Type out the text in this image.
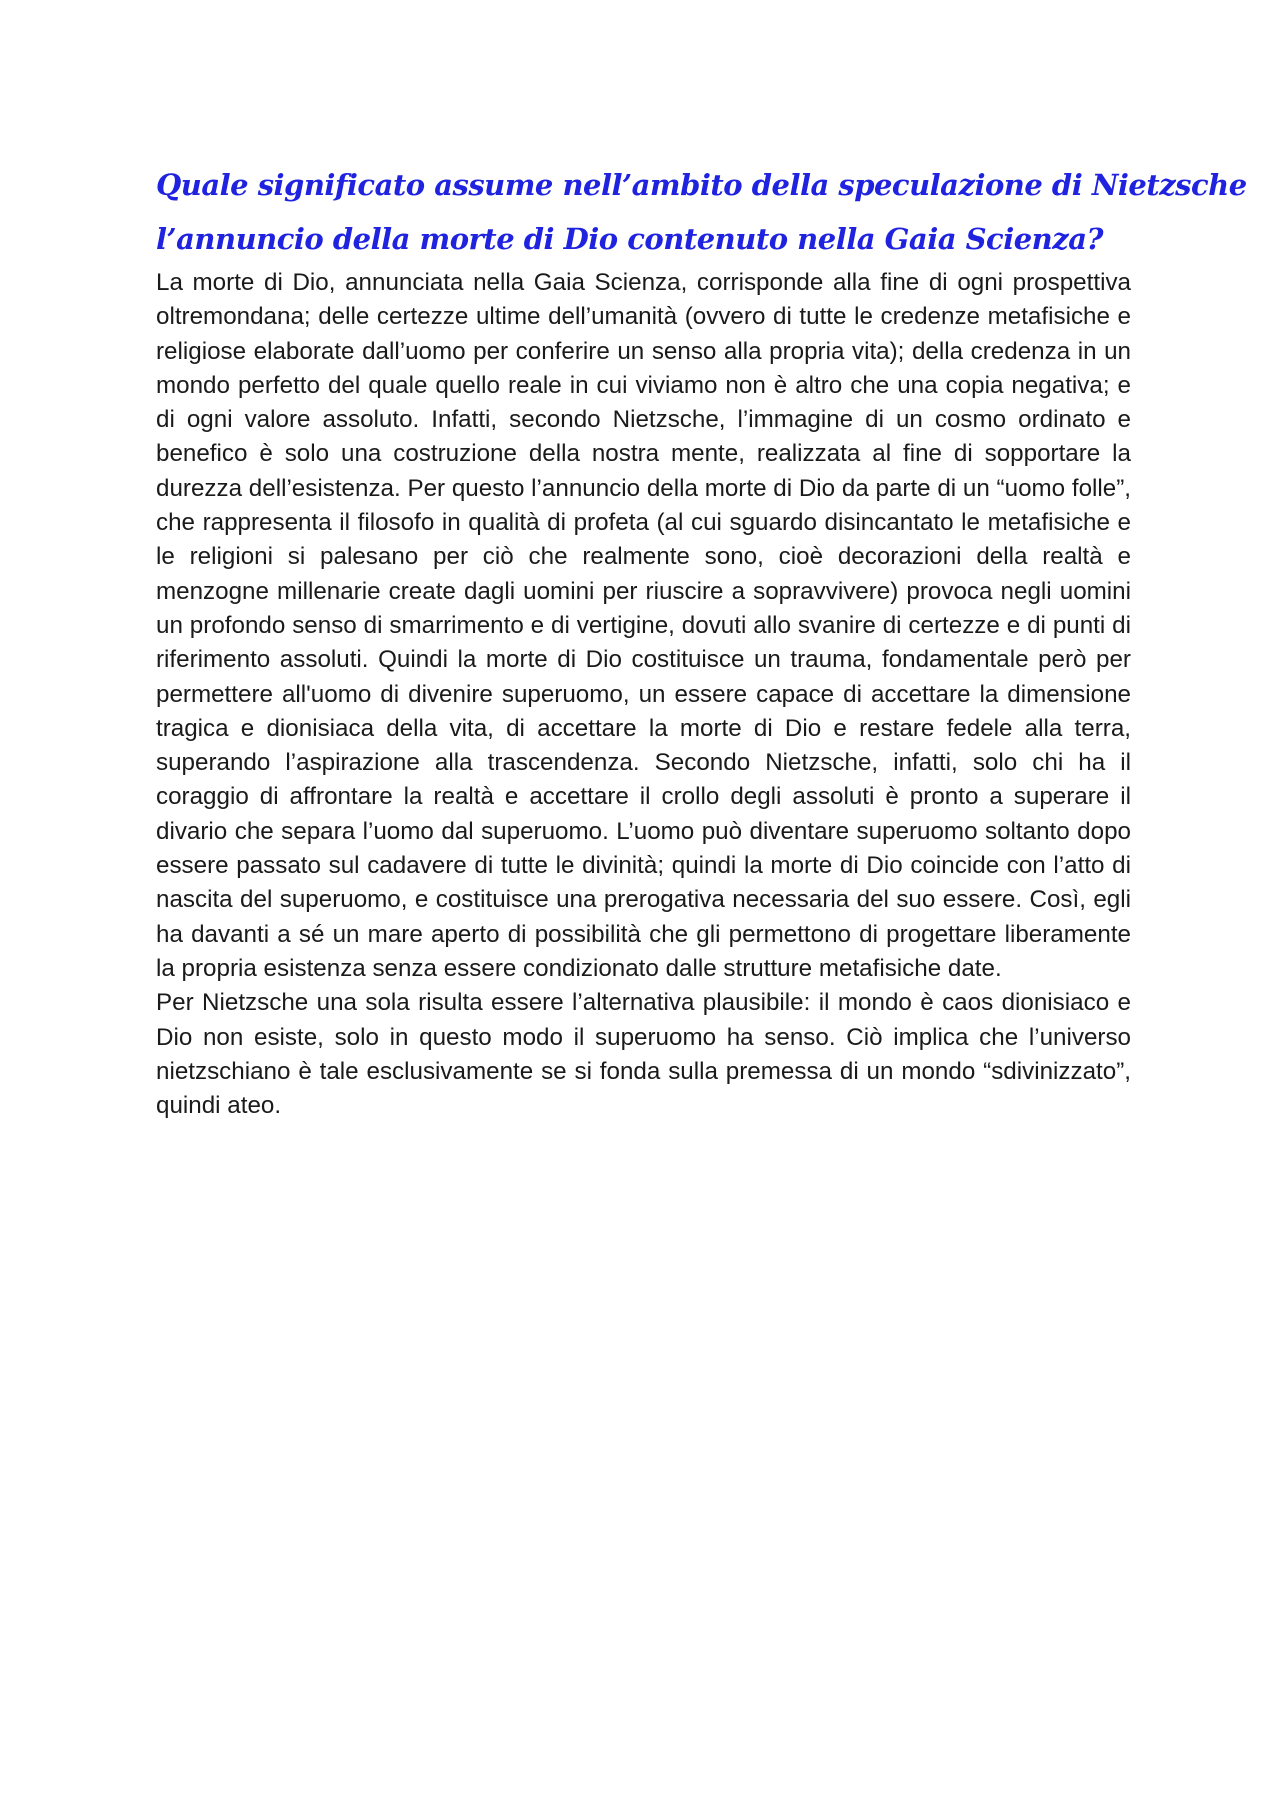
Quale significato assume nell’ambito della speculazione di Nietzsche
l’annuncio della morte di Dio contenuto nella Gaia Scienza?

La morte di Dio, annunciata nella Gaia Scienza, corrisponde alla fine di ogni prospettiva oltremondana; delle certezze ultime dell’umanità (ovvero di tutte le credenze metafisiche e religiose elaborate dall’uomo per conferire un senso alla propria vita); della credenza in un mondo perfetto del quale quello reale in cui viviamo non è altro che una copia negativa; e di ogni valore assoluto. Infatti, secondo Nietzsche, l’immagine di un cosmo ordinato e benefico è solo una costruzione della nostra mente, realizzata al fine di sopportare la durezza dell’esistenza. Per questo l’annuncio della morte di Dio da parte di un “uomo folle”, che rappresenta il filosofo in qualità di profeta (al cui sguardo disincantato le metafisiche e le religioni si palesano per ciò che realmente sono, cioè decorazioni della realtà e menzogne millenarie create dagli uomini per riuscire a sopravvivere) provoca negli uomini un profondo senso di smarrimento e di vertigine, dovuti allo svanire di certezze e di punti di riferimento assoluti. Quindi la morte di Dio costituisce un trauma, fondamentale però per permettere all'uomo di divenire superuomo, un essere capace di accettare la dimensione tragica e dionisiaca della vita, di accettare la morte di Dio e restare fedele alla terra, superando l’aspirazione alla trascendenza. Secondo Nietzsche, infatti, solo chi ha il coraggio di affrontare la realtà e accettare il crollo degli assoluti è pronto a superare il divario che separa l’uomo dal superuomo. L’uomo può diventare superuomo soltanto dopo essere passato sul cadavere di tutte le divinità; quindi la morte di Dio coincide con l’atto di nascita del superuomo, e costituisce una prerogativa necessaria del suo essere. Così, egli ha davanti a sé un mare aperto di possibilità che gli permettono di progettare liberamente la propria esistenza senza essere condizionato dalle strutture metafisiche date.

Per Nietzsche una sola risulta essere l’alternativa plausibile: il mondo è caos dionisiaco e Dio non esiste, solo in questo modo il superuomo ha senso. Ciò implica che l’universo nietzschiano è tale esclusivamente se si fonda sulla premessa di un mondo “sdivinizzato”, quindi ateo.
